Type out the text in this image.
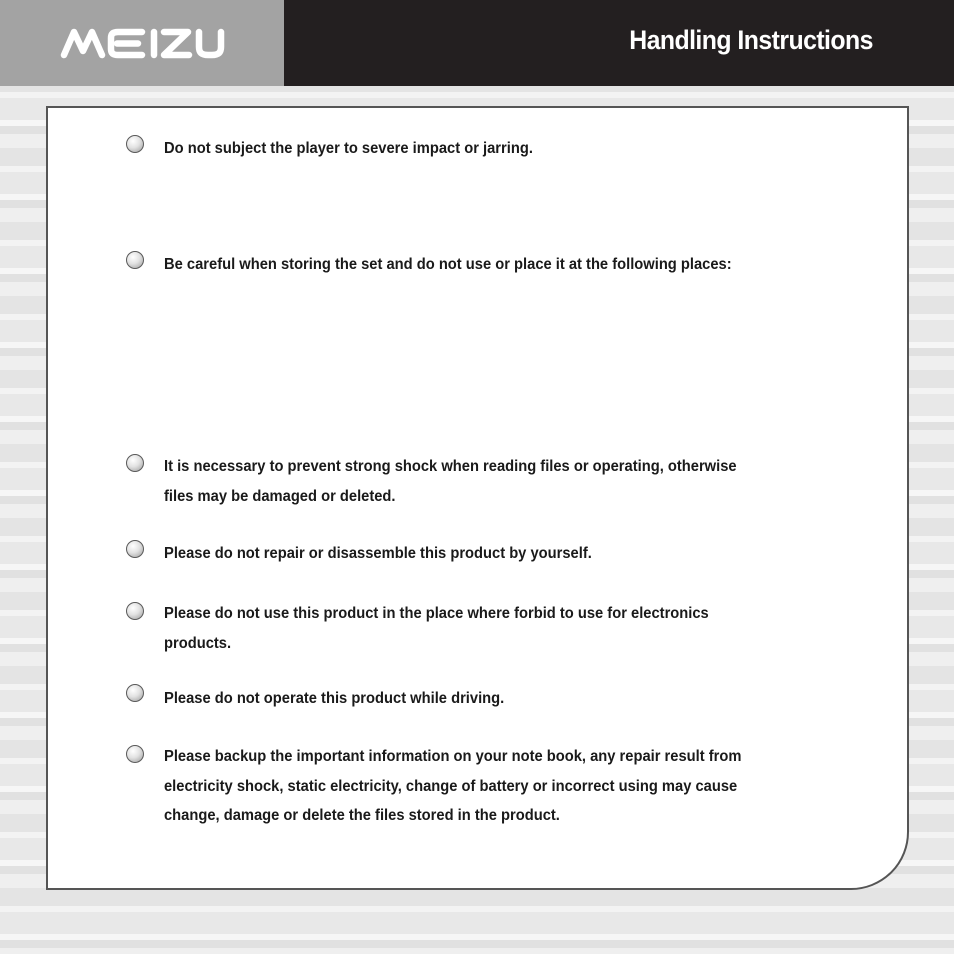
Handling Instructions

Do not subject the player to severe impact or jarring.

Be careful when storing the set and do not use or place it at the following places:

It is necessary to prevent strong shock when reading files or operating, otherwise files may be damaged or deleted.

Please do not repair or disassemble this product by yourself.

Please do not use this product in the place where forbid to use for electronics products.

Please do not operate this product while driving.

Please backup the important information on your note book, any repair result from electricity shock, static electricity, change of battery or incorrect using may cause change, damage or delete the files stored in the product.
